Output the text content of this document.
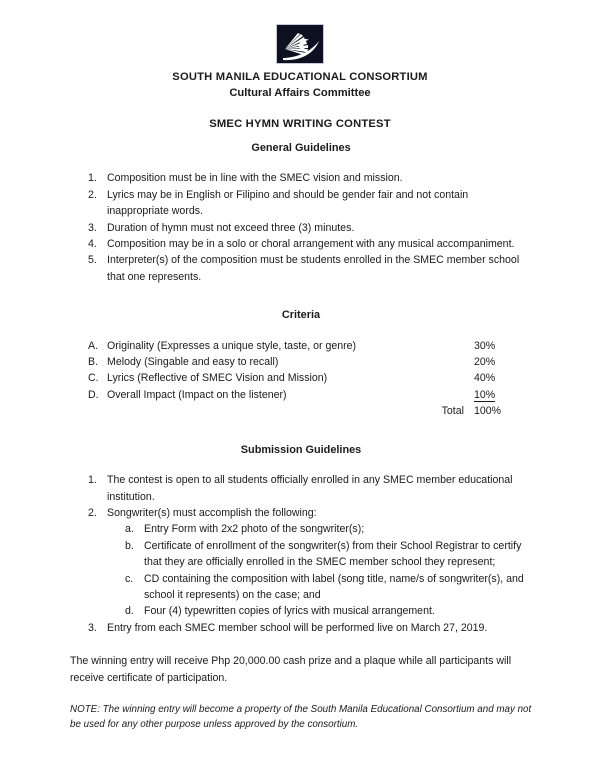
SOUTH MANILA EDUCATIONAL CONSORTIUM
Cultural Affairs Committee
SMEC HYMN WRITING CONTEST
General Guidelines
1. Composition must be in line with the SMEC vision and mission.
2. Lyrics may be in English or Filipino and should be gender fair and not contain inappropriate words.
3. Duration of hymn must not exceed three (3) minutes.
4. Composition may be in a solo or choral arrangement with any musical accompaniment.
5. Interpreter(s) of the composition must be students enrolled in the SMEC member school that one represents.
Criteria
A. Originality (Expresses a unique style, taste, or genre)	30%
B. Melody (Singable and easy to recall)	20%
C. Lyrics (Reflective of SMEC Vision and Mission)	40%
D. Overall Impact (Impact on the listener)	10%
Total 100%
Submission Guidelines
1. The contest is open to all students officially enrolled in any SMEC member educational institution.
2. Songwriter(s) must accomplish the following:
a. Entry Form with 2x2 photo of the songwriter(s);
b. Certificate of enrollment of the songwriter(s) from their School Registrar to certify that they are officially enrolled in the SMEC member school they represent;
c.	CD containing the composition with label (song title, name/s of songwriter(s), and school it represents) on the case; and
d. Four (4) typewritten copies of lyrics with musical arrangement.
3. Entry from each SMEC member school will be performed live on March 27, 2019.
The winning entry will receive Php 20,000.00 cash prize and a plaque while all participants will receive certificate of participation.
NOTE: The winning entry will become a property of the South Manila Educational Consortium and may not be used for any other purpose unless approved by the consortium.
